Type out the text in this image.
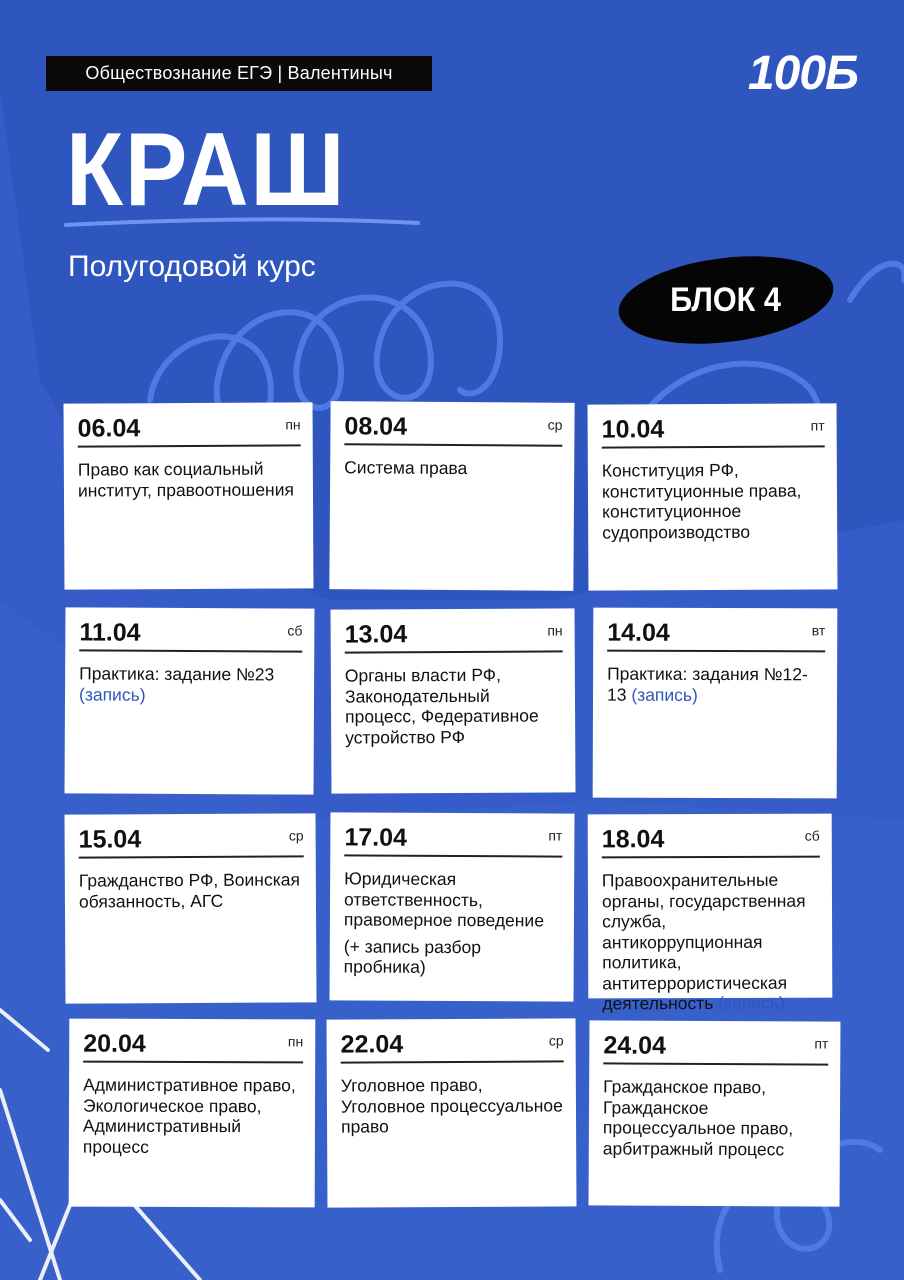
Обществознание ЕГЭ | Валентиныч	100Б
КРАШ
Полугодовой курс
БЛОК 4
06.04	пн
Право как социальный институт, правоотношения
08.04	ср
Система права
10.04	пт
Конституция РФ, конституционные права, конституционное судопроизводство
11.04	сб
Практика: задание №23 (запись)
13.04	пн
Органы власти РФ, Законодательный процесс, Федеративное устройство РФ
14.04	вт
Практика: задания №12-13 (запись)
15.04	ср
Гражданство РФ, Воинская обязанность, АГС
17.04	пт
Юридическая ответственность, правомерное поведение
(+ запись разбор пробника)
18.04	сб
Правоохранительные органы, государственная служба, антикоррупционная политика, антитеррористическая деятельность (запись)
20.04	пн
Административное право, Экологическое право, Административный процесс
22.04	ср
Уголовное право, Уголовное процессуальное право
24.04	пт
Гражданское право, Гражданское процессуальное право, арбитражный процесс
